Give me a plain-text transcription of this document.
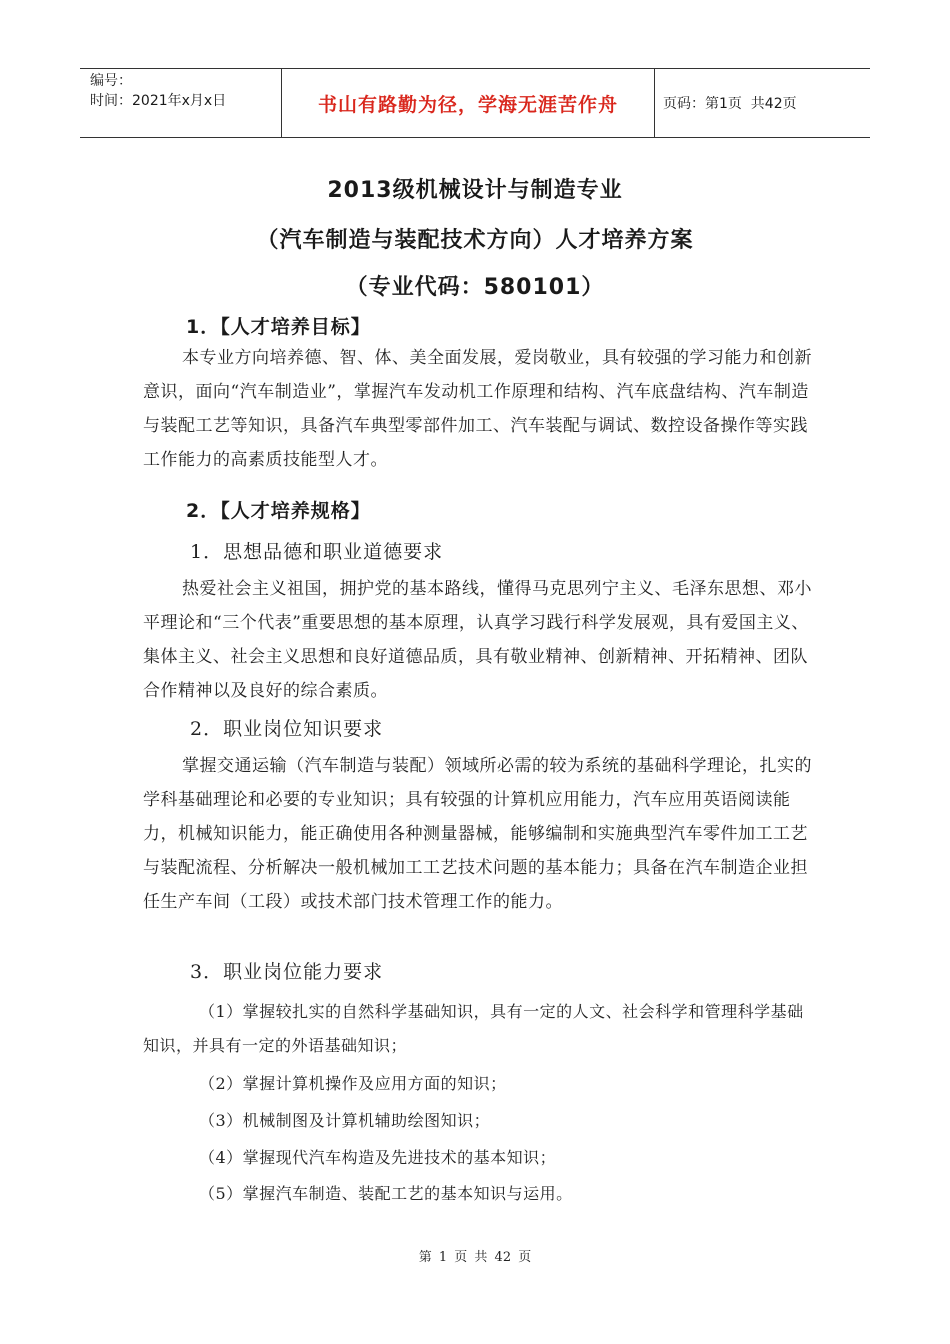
编号：
时间：2021年x月x日	书山有路勤为径，学海无涯苦作舟	页码：第1页  共42页
2013级机械设计与制造专业
（汽车制造与装配技术方向）人才培养方案
（专业代码：580101）
1．【人才培养目标】
本专业方向培养德、智、体、美全面发展，爱岗敬业，具有较强的学习能力和创新意识，面向“汽车制造业”，掌握汽车发动机工作原理和结构、汽车底盘结构、汽车制造与装配工艺等知识，具备汽车典型零部件加工、汽车装配与调试、数控设备操作等实践工作能力的高素质技能型人才。
2．【人才培养规格】
1．思想品德和职业道德要求
热爱社会主义祖国，拥护党的基本路线，懂得马克思列宁主义、毛泽东思想、邓小平理论和“三个代表”重要思想的基本原理，认真学习践行科学发展观，具有爱国主义、集体主义、社会主义思想和良好道德品质，具有敬业精神、创新精神、开拓精神、团队合作精神以及良好的综合素质。
2．职业岗位知识要求
掌握交通运输（汽车制造与装配）领域所必需的较为系统的基础科学理论，扎实的学科基础理论和必要的专业知识；具有较强的计算机应用能力，汽车应用英语阅读能力，机械知识能力，能正确使用各种测量器械，能够编制和实施典型汽车零件加工工艺与装配流程、分析解决一般机械加工工艺技术问题的基本能力；具备在汽车制造企业担任生产车间（工段）或技术部门技术管理工作的能力。
3．职业岗位能力要求
（1）掌握较扎实的自然科学基础知识，具有一定的人文、社会科学和管理科学基础知识，并具有一定的外语基础知识；
（2）掌握计算机操作及应用方面的知识；
（3）机械制图及计算机辅助绘图知识；
（4）掌握现代汽车构造及先进技术的基本知识；
（5）掌握汽车制造、装配工艺的基本知识与运用。
第 1 页 共 42 页
